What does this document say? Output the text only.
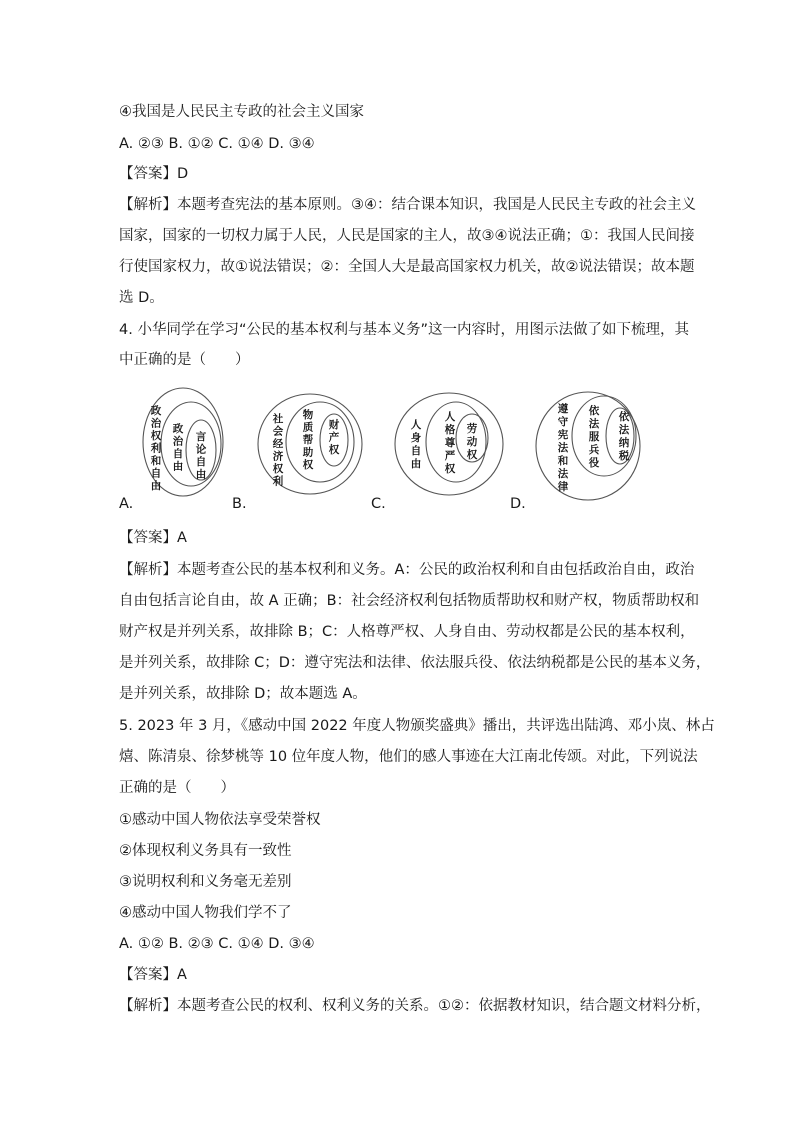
④我国是人民民主专政的社会主义国家
A. ②③ B. ①② C. ①④ D. ③④
【答案】D
【解析】本题考查宪法的基本原则。③④：结合课本知识，我国是人民民主专政的社会主义
国家，国家的一切权力属于人民，人民是国家的主人，故③④说法正确；①：我国人民间接
行使国家权力，故①说法错误；②：全国人大是最高国家权力机关，故②说法错误；故本题
选 D。
4. 小华同学在学习“公民的基本权利与基本义务”这一内容时，用图示法做了如下梳理，其
中正确的是（　　）
政
治
权
利
和
自
由
政
治
自
由
言
论
自
由
A.
社
会
经
济
权
利
物
质
帮
助
权
财
产
权
B.
人
身
自
由
人
格
尊
严
权
劳
动
权
C.
遵
守
宪
法
和
法
律
依
法
服
兵
役
依
法
纳
税
D.
【答案】A
【解析】本题考查公民的基本权利和义务。A：公民的政治权利和自由包括政治自由，政治
自由包括言论自由，故 A 正确；B：社会经济权利包括物质帮助权和财产权，物质帮助权和
财产权是并列关系，故排除 B；C：人格尊严权、人身自由、劳动权都是公民的基本权利，
是并列关系，故排除 C；D：遵守宪法和法律、依法服兵役、依法纳税都是公民的基本义务，
是并列关系，故排除 D；故本题选 A。
5. 2023 年 3 月，《感动中国 2022 年度人物颁奖盛典》播出，共评选出陆鸿、邓小岚、林占
熺、陈清泉、徐梦桃等 10 位年度人物，他们的感人事迹在大江南北传颂。对此，下列说法
正确的是（　　）
①感动中国人物依法享受荣誉权
②体现权利义务具有一致性
③说明权利和义务毫无差别
④感动中国人物我们学不了
A. ①② B. ②③ C. ①④ D. ③④
【答案】A
【解析】本题考查公民的权利、权利义务的关系。①②：依据教材知识，结合题文材料分析，
